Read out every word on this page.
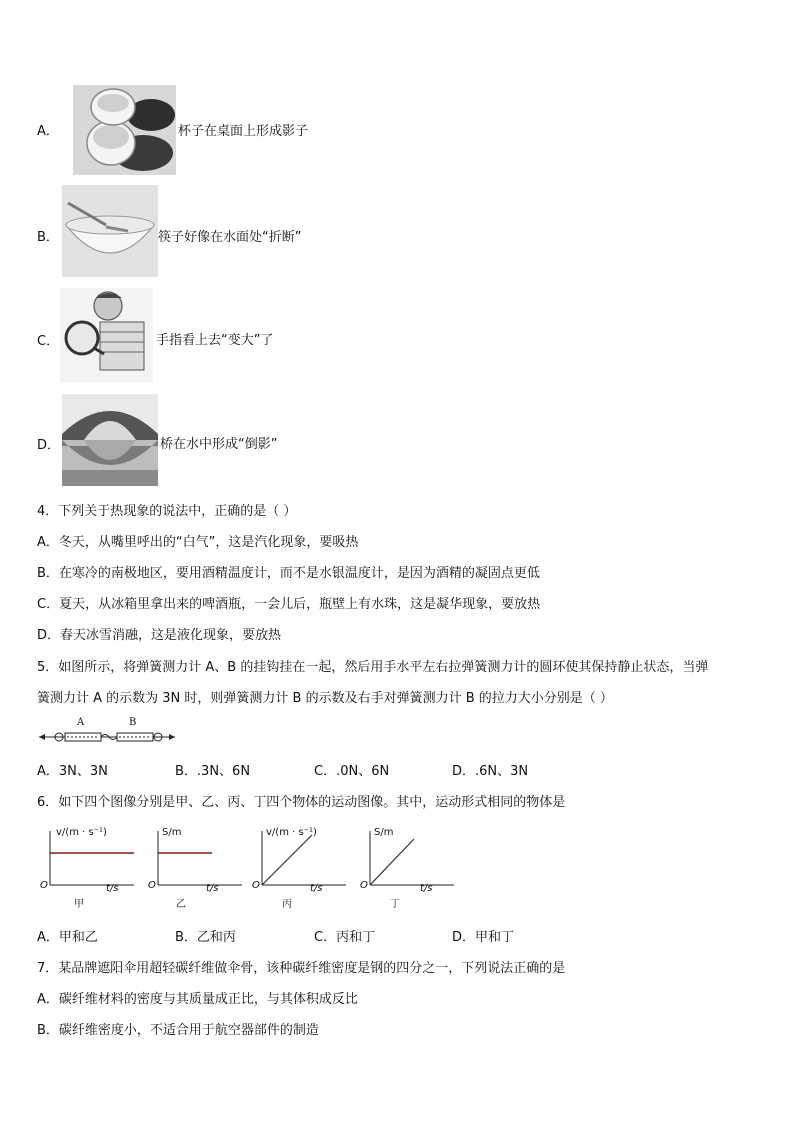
A．	杯子在桌面上形成影子
B．	筷子好像在水面处“折断”
C．	手指看上去“变大”了
D．	桥在水中形成“倒影”
4．下列关于热现象的说法中，正确的是（ ）
A．冬天，从嘴里呼出的“白气”，这是汽化现象，要吸热
B．在寒冷的南极地区，要用酒精温度计，而不是水银温度计，是因为酒精的凝固点更低
C．夏天，从冰箱里拿出来的啤酒瓶，一会儿后，瓶壁上有水珠，这是凝华现象，要放热
D．春天冰雪消融，这是液化现象，要放热
5．如图所示，将弹簧测力计 A、B 的挂钩挂在一起，然后用手水平左右拉弹簧测力计的圆环使其保持静止状态，当弹
簧测力计 A 的示数为 3N 时，则弹簧测力计 B 的示数及右手对弹簧测力计 B 的拉力大小分别是（ ）
A	B
A．3N、3N	B．.3N、6N	C．.0N、6N	D．.6N、3N
6．如下四个图像分别是甲、乙、丙、丁四个物体的运动图像。其中，运动形式相同的物体是
v/(m · s⁻¹)
O	t/s
甲
S/m
O	t/s
乙
v/(m · s⁻¹)
O	t/s
丙
S/m
O	t/s
丁
A．甲和乙	B．乙和丙	C．丙和丁	D．甲和丁
7．某品牌遮阳伞用超轻碳纤维做伞骨，该种碳纤维密度是钢的四分之一，下列说法正确的是
A．碳纤维材料的密度与其质量成正比，与其体积成反比
B．碳纤维密度小，不适合用于航空器部件的制造
